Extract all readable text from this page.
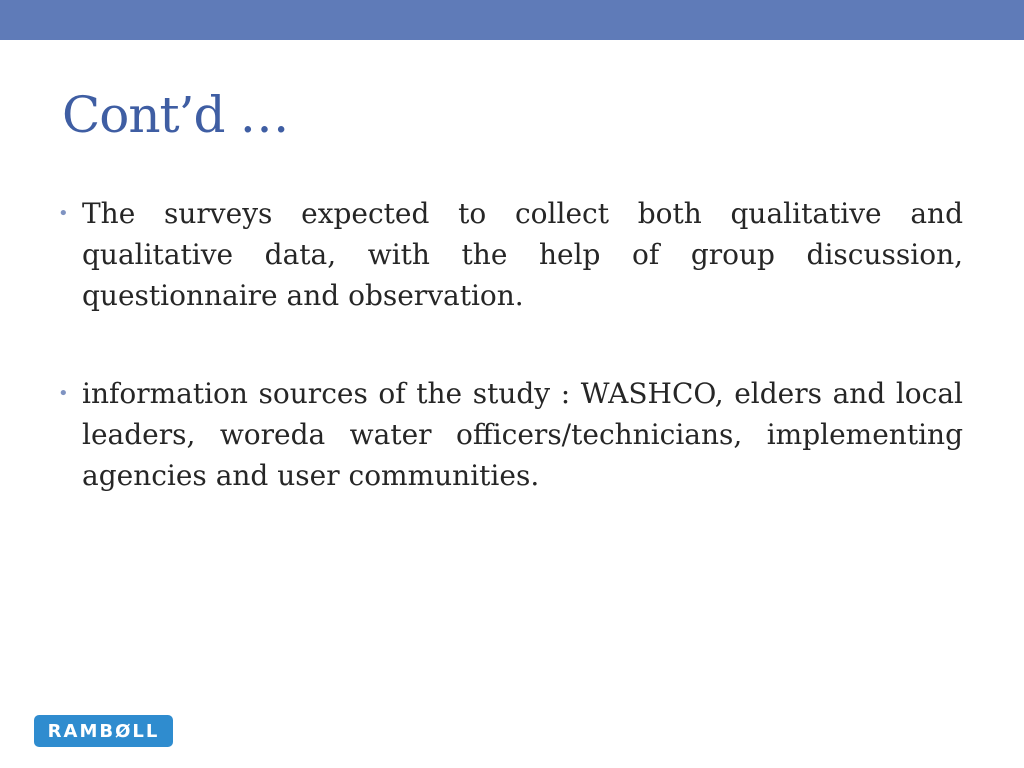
Cont’d …
• The surveys expected to collect both qualitative and qualitative data, with the help of group discussion, questionnaire and observation.
• information sources of the study : WASHCO, elders and local leaders, woreda water officers/technicians, implementing agencies and user communities.
RAMBØLL
